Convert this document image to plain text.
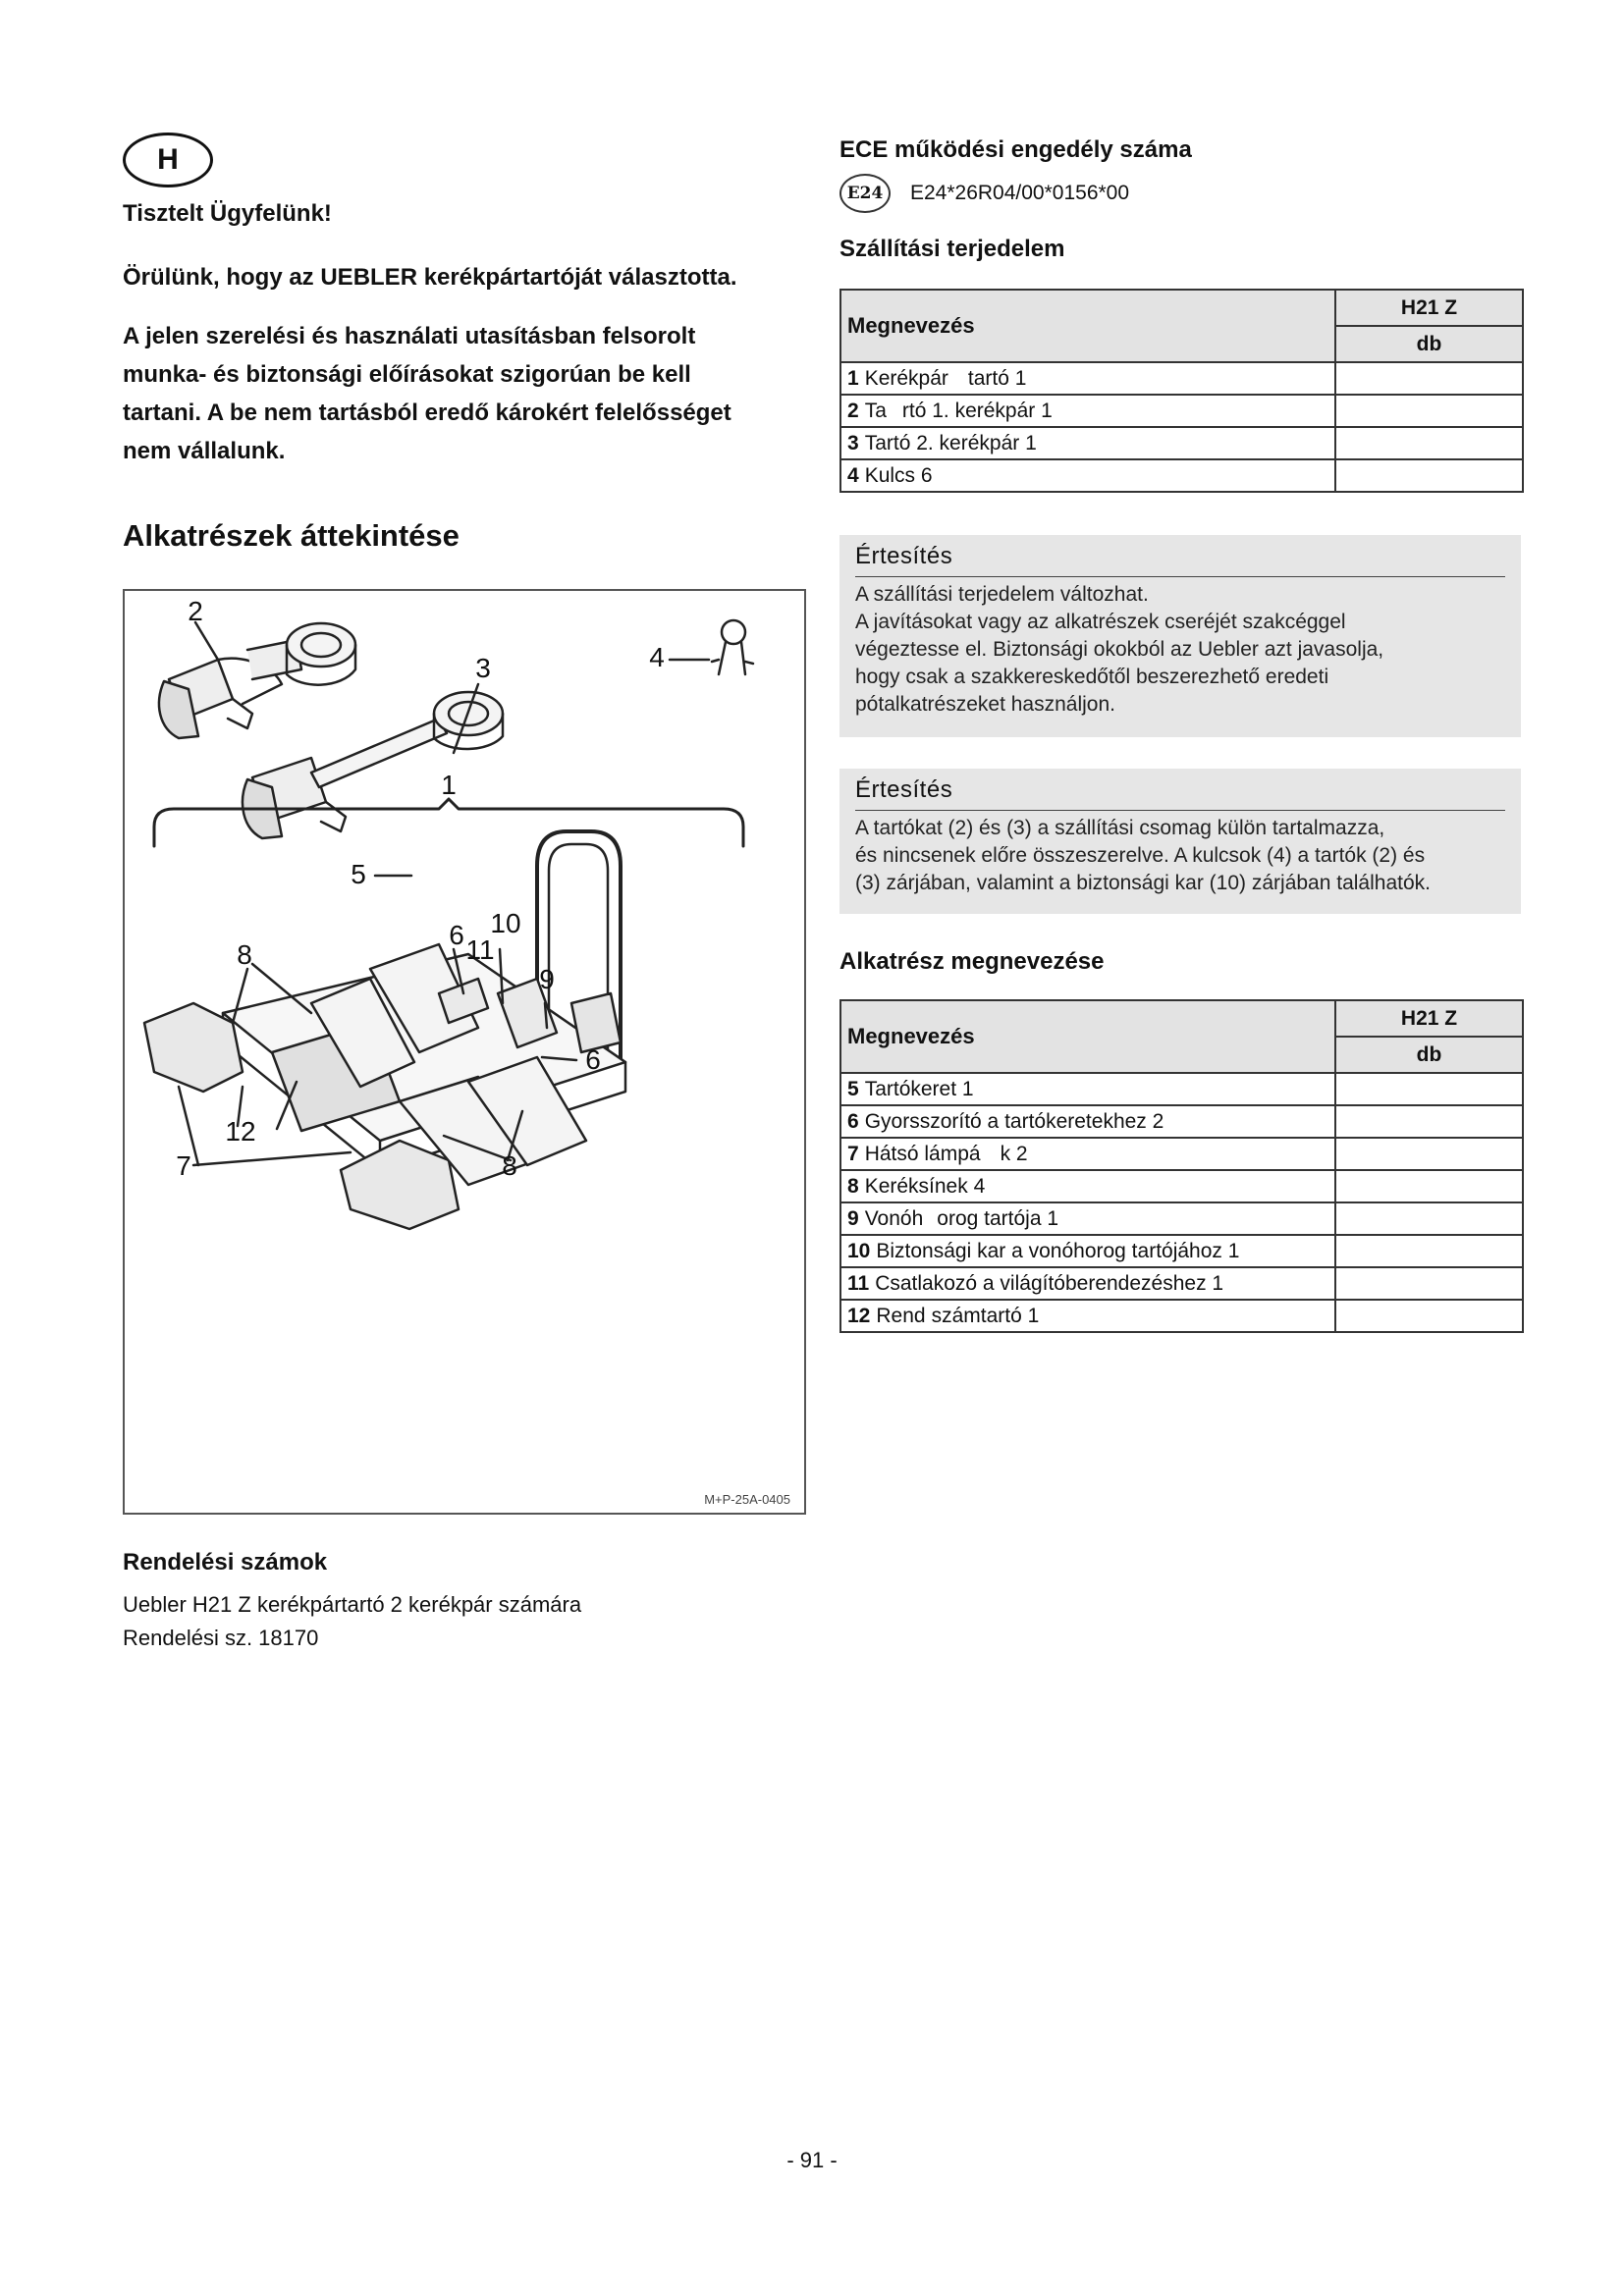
H
Tisztelt Ügyfelünk!
Örülünk, hogy az UEBLER kerékpártartóját választotta.
A jelen szerelési és használati utasításban felsorolt
munka- és biztonsági előírásokat szigorúan be kell
tartani. A be nem tartásból eredő károkért felelősséget
nem vállalunk.
Alkatrészek áttekintése
2
3	4
1
5
10
6 11
8
9
6
12
7	8
M+P-25A-0405
Rendelési számok
Uebler H21 Z kerékpártartó 2 kerékpár számára
Rendelési sz. 18170
ECE működési engedély száma
E24	E24*26R04/00*0156*00
Szállítási terjedelem
Megnevezés	H21 Z
	db

1 Kerékpár tartó 1	

2 Ta rtó 1. kerékpár 1	

3 Tartó 2. kerékpár 1	

4 Kulcs 6	

Értesítés
A szállítási terjedelem változhat.
A javításokat vagy az alkatrészek cseréjét szakcéggel
végeztesse el. Biztonsági okokból az Uebler azt javasolja,
hogy csak a szakkereskedőtől beszerezhető eredeti
pótalkatrészeket használjon.
Értesítés
A tartókat (2) és (3) a szállítási csomag külön tartalmazza,
és nincsenek előre összeszerelve. A kulcsok (4) a tartók (2) és
(3) zárjában, valamint a biztonsági kar (10) zárjában találhatók.
Alkatrész megnevezése
Megnevezés	H21 Z
	db

5 Tartókeret 1	

6 Gyorsszorító a tartókeretekhez 2	

7 Hátsó lámpá k 2	

8 Keréksínek 4	

9 Vonóh orog tartója 1	

10 Bizto nsági kar a vonóhorog tartójához 1	

11 Csatlakozó a világítóberendezéshez 1	

12 Rend számtartó 1	

- 91 -
